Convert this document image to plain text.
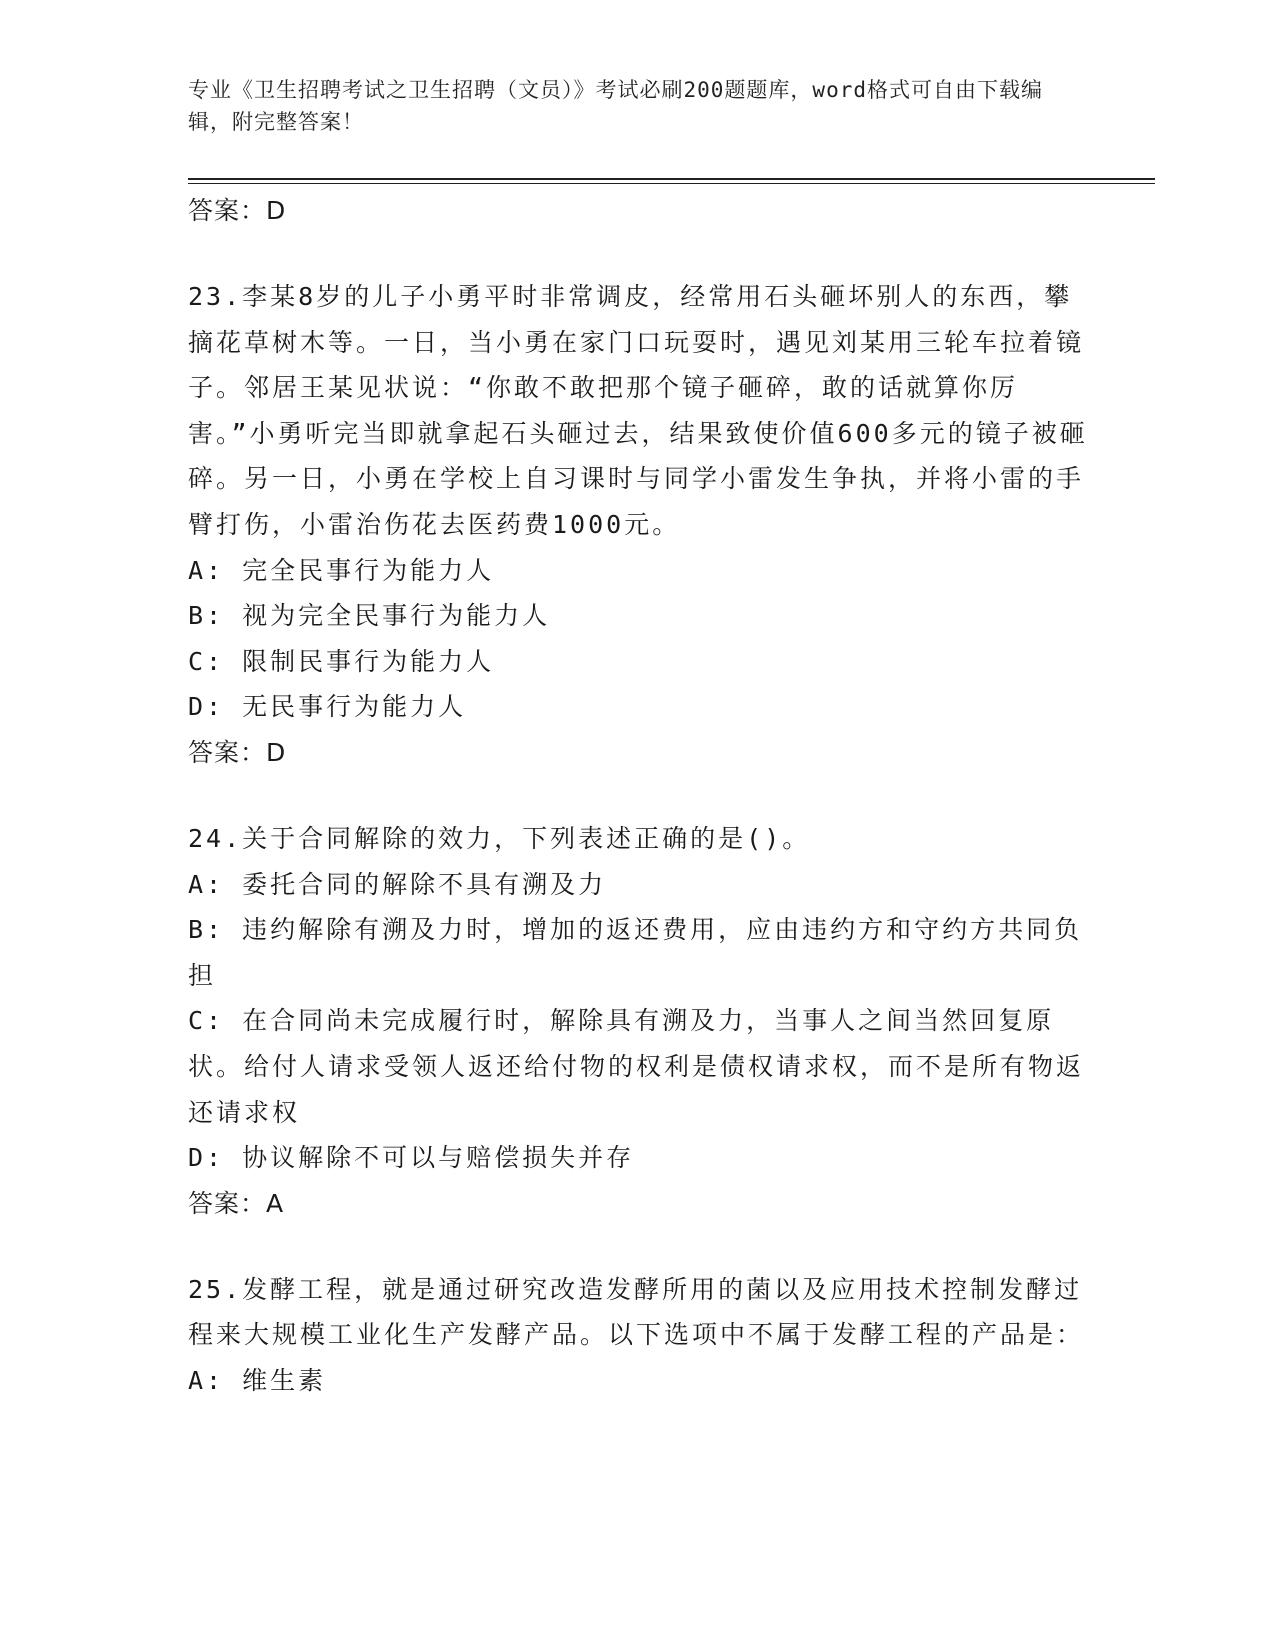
专业《卫生招聘考试之卫生招聘（文员）》考试必刷200题题库，word格式可自由下载编辑，附完整答案！
答案：D
23.李某8岁的儿子小勇平时非常调皮，经常用石头砸坏别人的东西，攀摘花草树木等。一日，当小勇在家门口玩耍时，遇见刘某用三轮车拉着镜子。邻居王某见状说：“你敢不敢把那个镜子砸碎，敢的话就算你厉害。”小勇听完当即就拿起石头砸过去，结果致使价值600多元的镜子被砸碎。另一日，小勇在学校上自习课时与同学小雷发生争执，并将小雷的手臂打伤，小雷治伤花去医药费1000元。
A: 完全民事行为能力人
B: 视为完全民事行为能力人
C: 限制民事行为能力人
D: 无民事行为能力人
答案：D
24.关于合同解除的效力，下列表述正确的是()。
A: 委托合同的解除不具有溯及力
B: 违约解除有溯及力时，增加的返还费用，应由违约方和守约方共同负担
C: 在合同尚未完成履行时，解除具有溯及力，当事人之间当然回复原状。给付人请求受领人返还给付物的权利是债权请求权，而不是所有物返还请求权
D: 协议解除不可以与赔偿损失并存
答案：A
25.发酵工程，就是通过研究改造发酵所用的菌以及应用技术控制发酵过程来大规模工业化生产发酵产品。以下选项中不属于发酵工程的产品是：
A: 维生素
